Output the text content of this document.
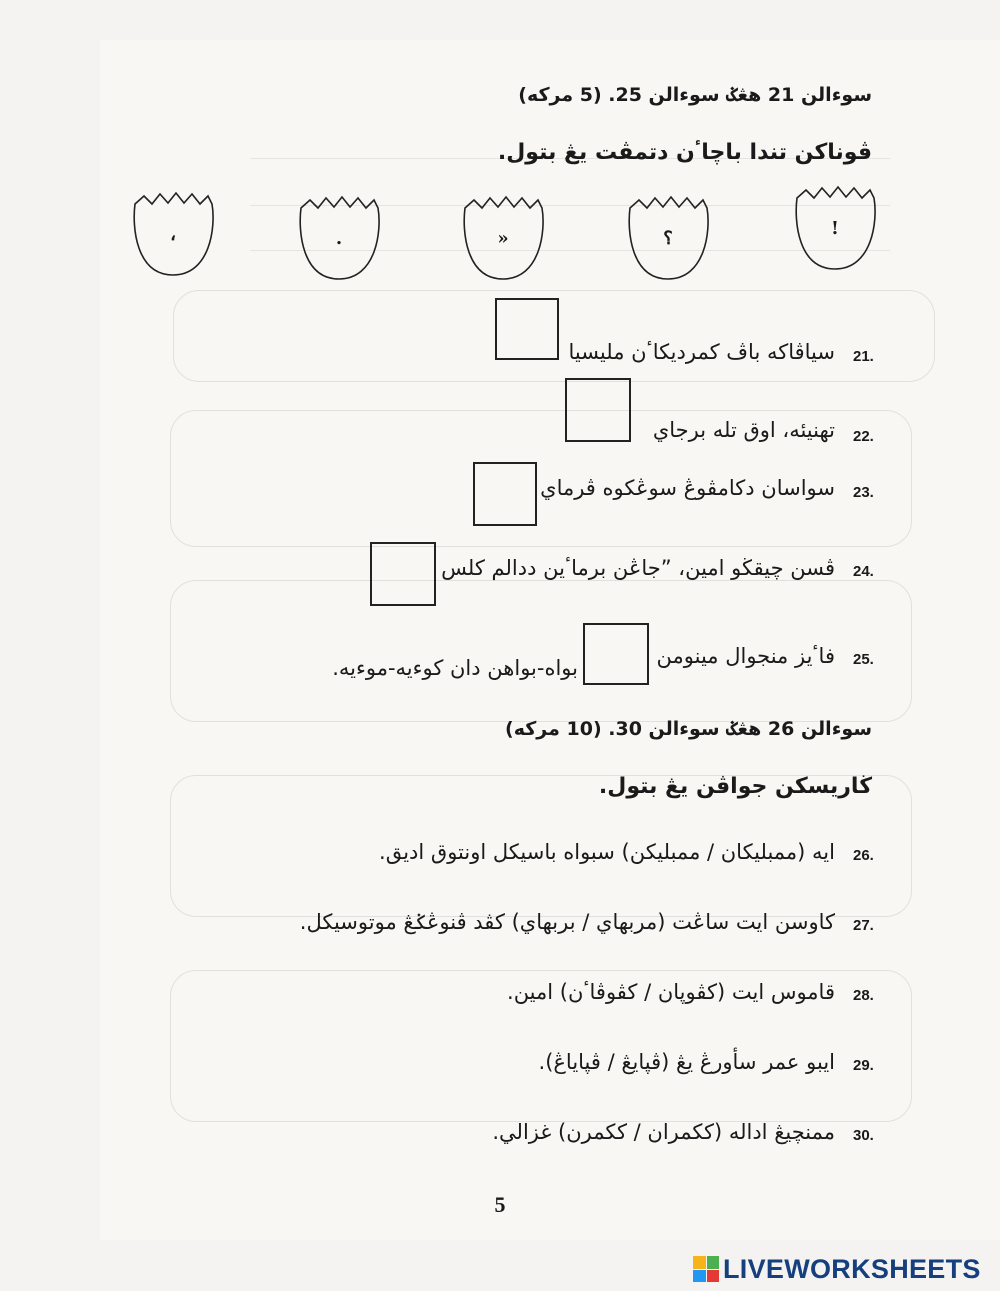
سوءالن 21 هڠݢ سوءالن 25. (5 مركه)
ڤوناکن تندا باچاٴن دتمڤت يڠ بتول.
!
؟
»
.
،
21.
سياڤاكه باڤ كمرديكاٴن مليسيا
22.
تهنيئه، اوق تله برجاي
23.
سواسان دكامڤوڠ سوڠکوه ڤرماي
24.
ڤسن چيقڬو امين، ”جاڠن برماٴين ددالم كلس
25.
فاٴيز منجوال مينومن
بواه-بواهن دان كوءيه-موءيه.
سوءالن 26 هڠݢ سوءالن 30. (10 مركه)
ڬاريسكن جواڤن يڠ بتول.
26.
ايه (ممبليكان / ممبليكن) سبواه باسيكل اونتوق اديق.
27.
كاوسن ايت ساڠت (مربهاي / بربهاي) كڤد ڤنوڠݢڠ موتوسيكل.
28.
قاموس ايت (كڤوپان / كڤوڤاٴن) امين.
29.
ايبو عمر سأورڠ يڠ (ڤپايڠ / ڤپاياڠ).
30.
ممنچيڠ اداله (ككمران / ككمرن) غزالي.
5
LIVEWORKSHEETS
